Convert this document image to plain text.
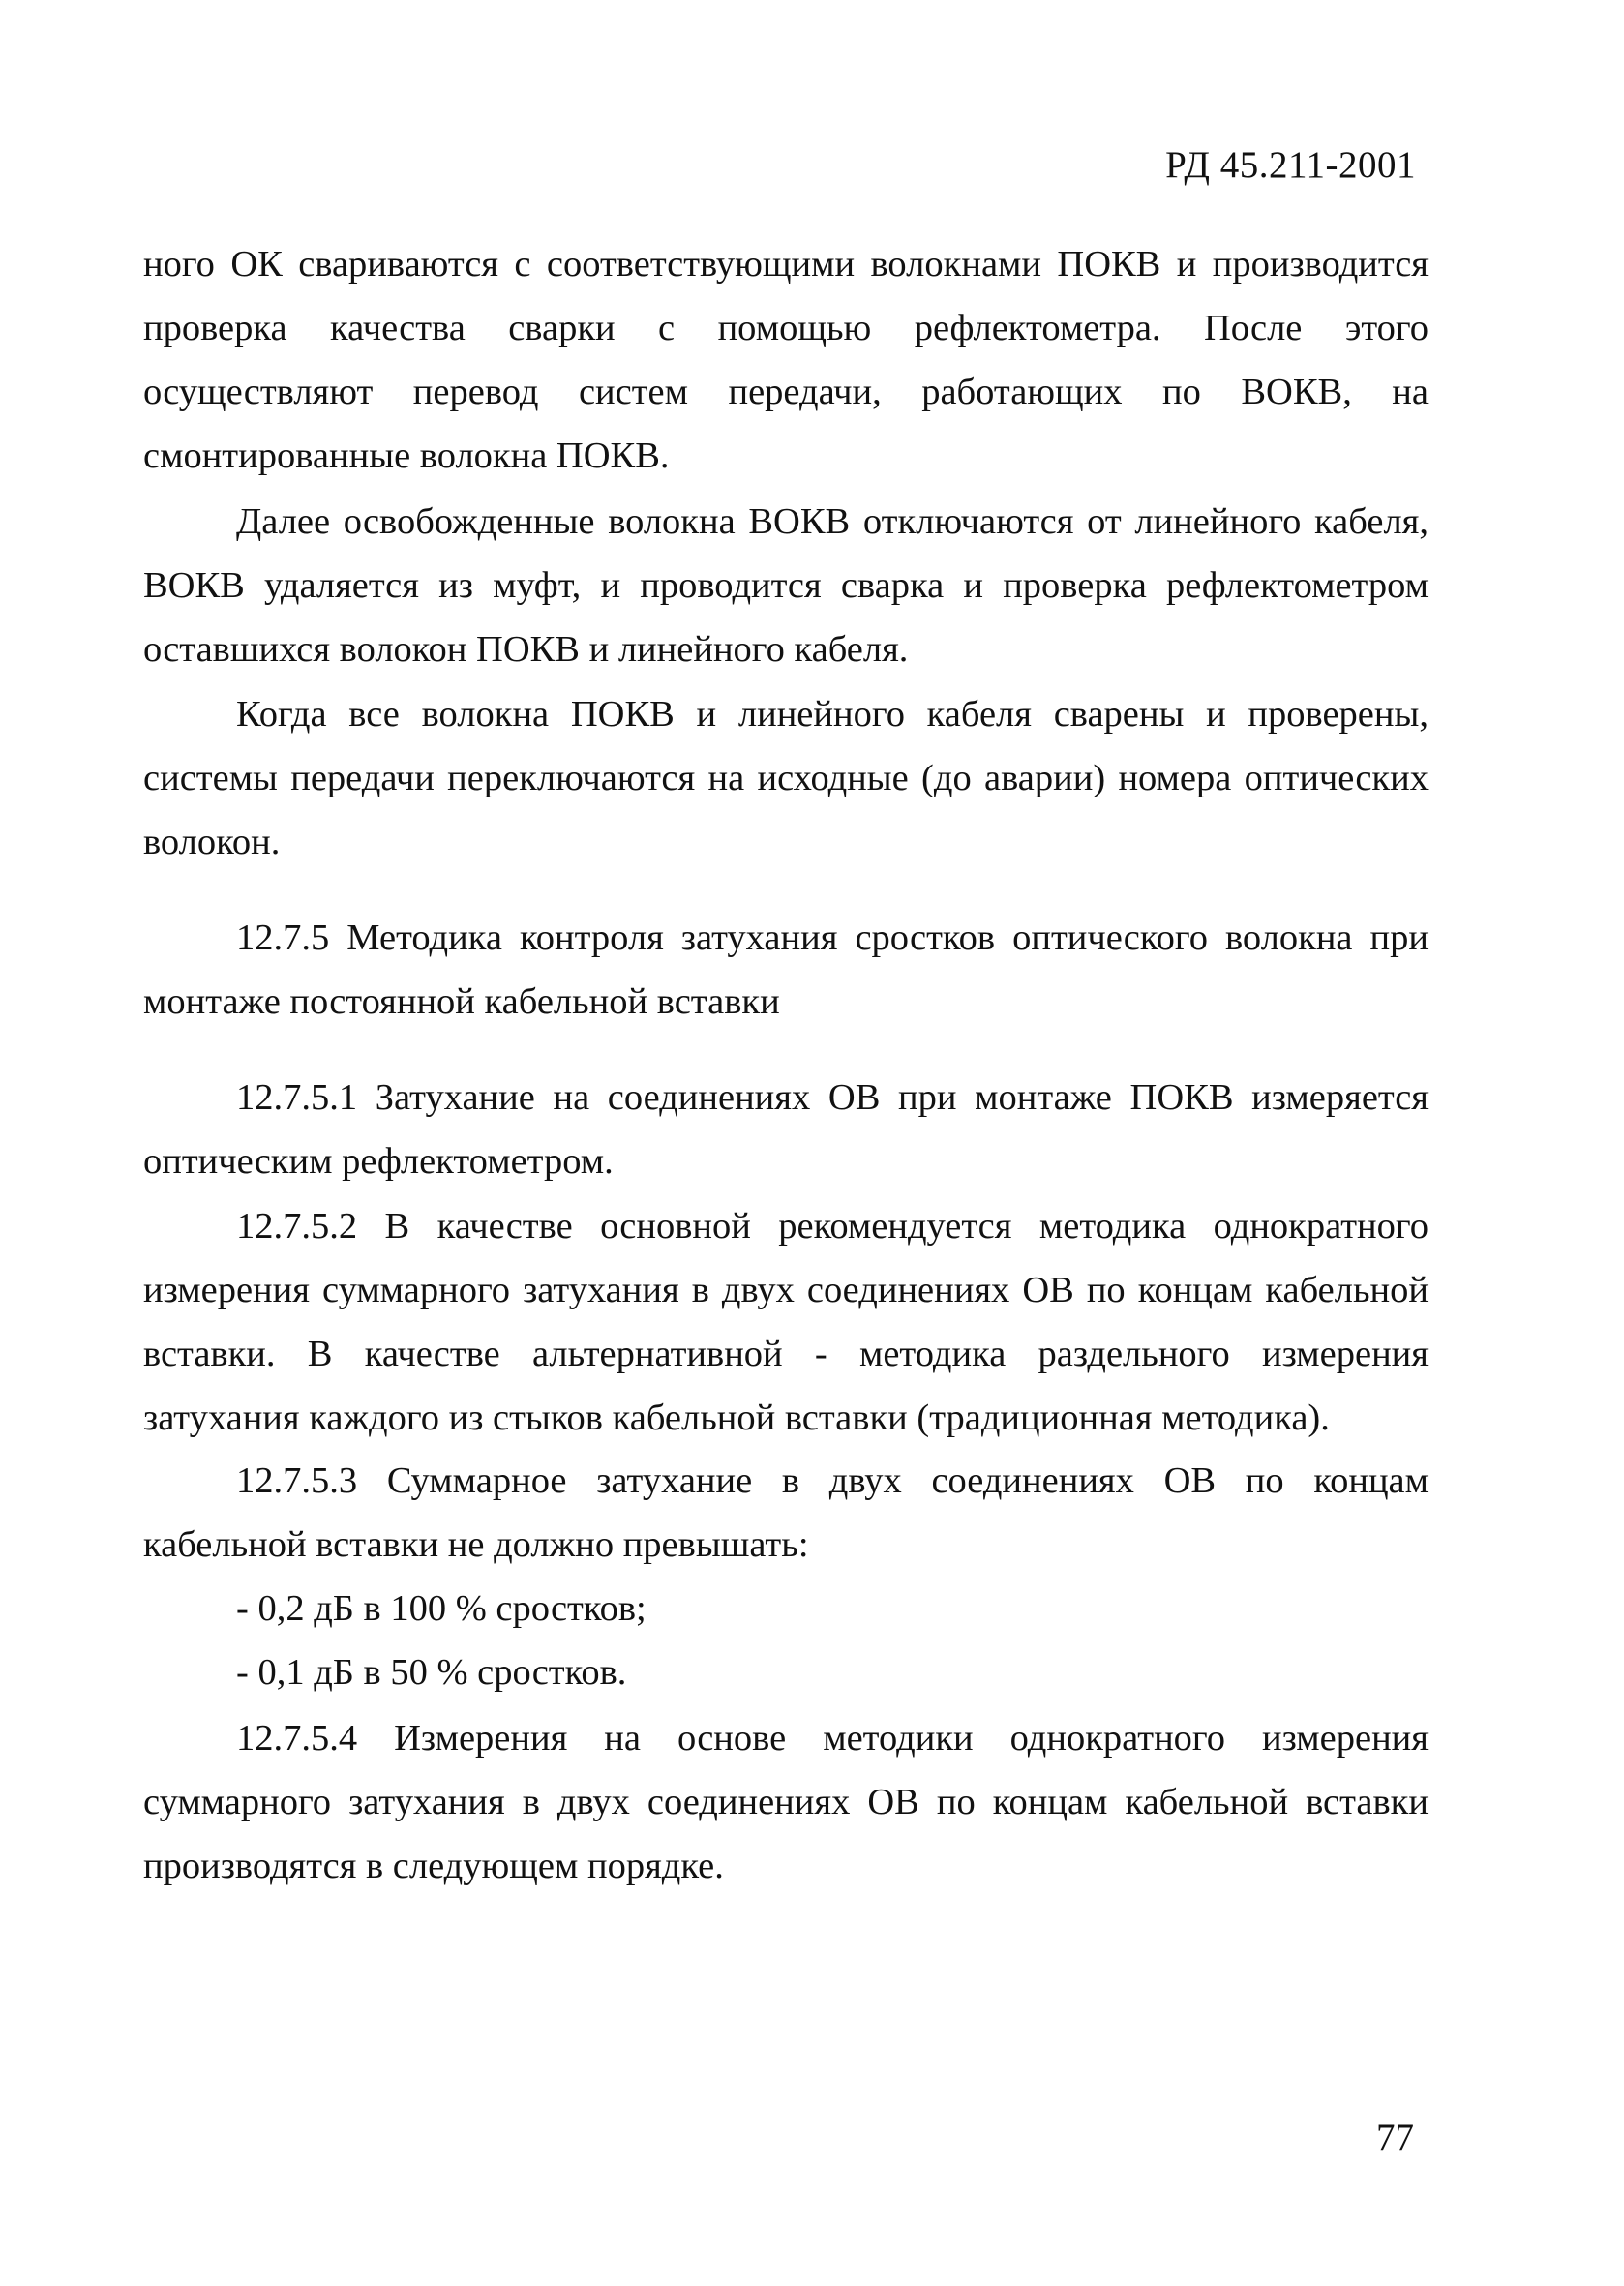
РД 45.211-2001

ного ОК свариваются с соответствующими волокнами ПОКВ и производится проверка качества сварки с помощью рефлектометра. После этого осуществляют перевод систем передачи, работающих по ВОКВ, на смонтированные волокна ПОКВ.

Далее освобожденные волокна ВОКВ отключаются от линейного кабеля, ВОКВ удаляется из муфт, и проводится сварка и проверка рефлектометром оставшихся волокон ПОКВ и линейного кабеля.

Когда все волокна ПОКВ и линейного кабеля сварены и проверены, системы передачи переключаются на исходные (до аварии) номера оптических волокон.

12.7.5 Методика контроля затухания сростков оптического волокна при монтаже постоянной кабельной вставки

12.7.5.1 Затухание на соединениях ОВ при монтаже ПОКВ измеряется оптическим рефлектометром.

12.7.5.2 В качестве основной рекомендуется методика однократного измерения суммарного затухания в двух соединениях ОВ по концам кабельной вставки. В качестве альтернативной - методика раздельного измерения затухания каждого из стыков кабельной вставки (традиционная методика).

12.7.5.3 Суммарное затухание в двух соединениях ОВ по концам кабельной вставки не должно превышать:

- 0,2 дБ в 100 % сростков;

- 0,1 дБ в 50 % сростков.

12.7.5.4 Измерения на основе методики однократного измерения суммарного затухания в двух соединениях ОВ по концам кабельной вставки производятся в следующем порядке.

77
